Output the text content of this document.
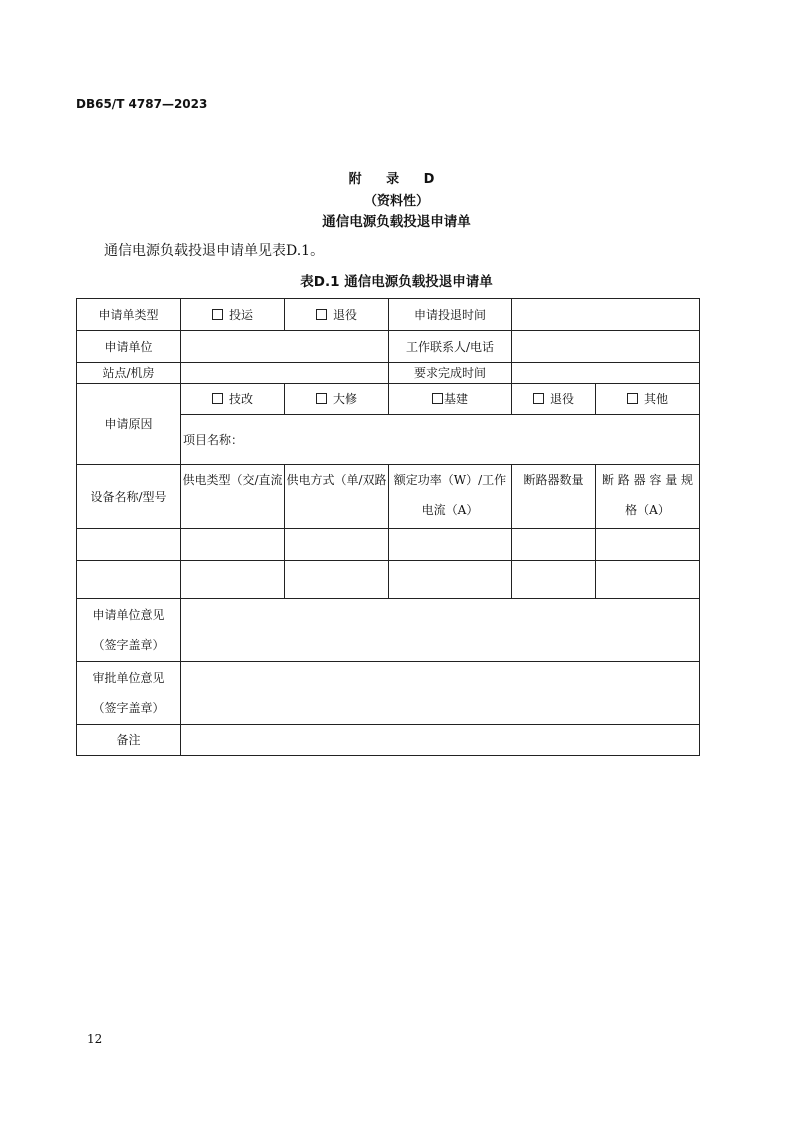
DB65/T 4787—2023
附 录 D
（资料性）
通信电源负载投退申请单
通信电源负载投退申请单见表D.1。
表D.1 通信电源负载投退申请单
申请单类型	投运	退役	申请投退时间		
申请单位			工作联系人/电话		
站点/机房			要求完成时间		
申请原因	技改	大修	基建	退役	其他
	项目名称：				
设备名称/型号	供电类型（交/直流	供电方式（单/双路	额定功率（W）/工作电流（A）	断路器数量	断 路 器 容 量 规 格（A）

申请单位意见
（签字盖章）					

审批单位意见
（签字盖章）					

备注					
12
